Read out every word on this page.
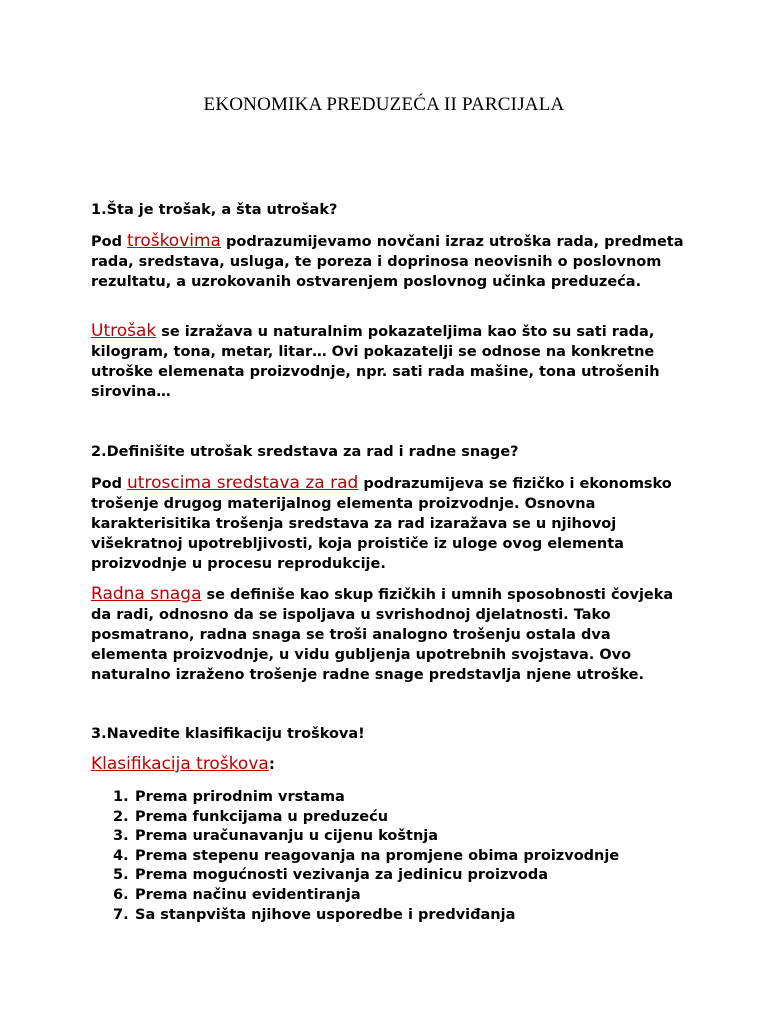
EKONOMIKA PREDUZEĆA II PARCIJALA

1.Šta je trošak, a šta utrošak?

Pod troškovima podrazumijevamo novčani izraz utroška rada, predmeta rada, sredstava, usluga, te poreza i doprinosa neovisnih o poslovnom rezultatu, a uzrokovanih ostvarenjem poslovnog učinka preduzeća.

Utrošak se izražava u naturalnim pokazateljima kao što su sati rada, kilogram, tona, metar, litar… Ovi pokazatelji se odnose na konkretne utroške elemenata proizvodnje, npr. sati rada mašine, tona utrošenih sirovina…

2.Definišite utrošak sredstava za rad i radne snage?

Pod utroscima sredstava za rad podrazumijeva se fizičko i ekonomsko trošenje drugog materijalnog elementa proizvodnje. Osnovna karakterisitika trošenja sredstava za rad izaražava se u njihovoj višekratnoj upotrebljivosti, koja proističe iz uloge ovog elementa proizvodnje u procesu reprodukcije.

Radna snaga se definiše kao skup fizičkih i umnih sposobnosti čovjeka da radi, odnosno da se ispoljava u svrishodnoj djelatnosti. Tako posmatrano, radna snaga se troši analogno trošenju ostala dva elementa proizvodnje, u vidu gubljenja upotrebnih svojstava. Ovo naturalno izraženo trošenje radne snage predstavlja njene utroške.

3.Navedite klasifikaciju troškova!

Klasifikacija troškova:

1. Prema prirodnim vrstama
2. Prema funkcijama u preduzeću
3. Prema uračunavanju u cijenu koštnja
4. Prema stepenu reagovanja na promjene obima proizvodnje
5. Prema mogućnosti vezivanja za jedinicu proizvoda
6. Prema načinu evidentiranja
7. Sa stanpvišta njihove usporedbe i predviđanja
